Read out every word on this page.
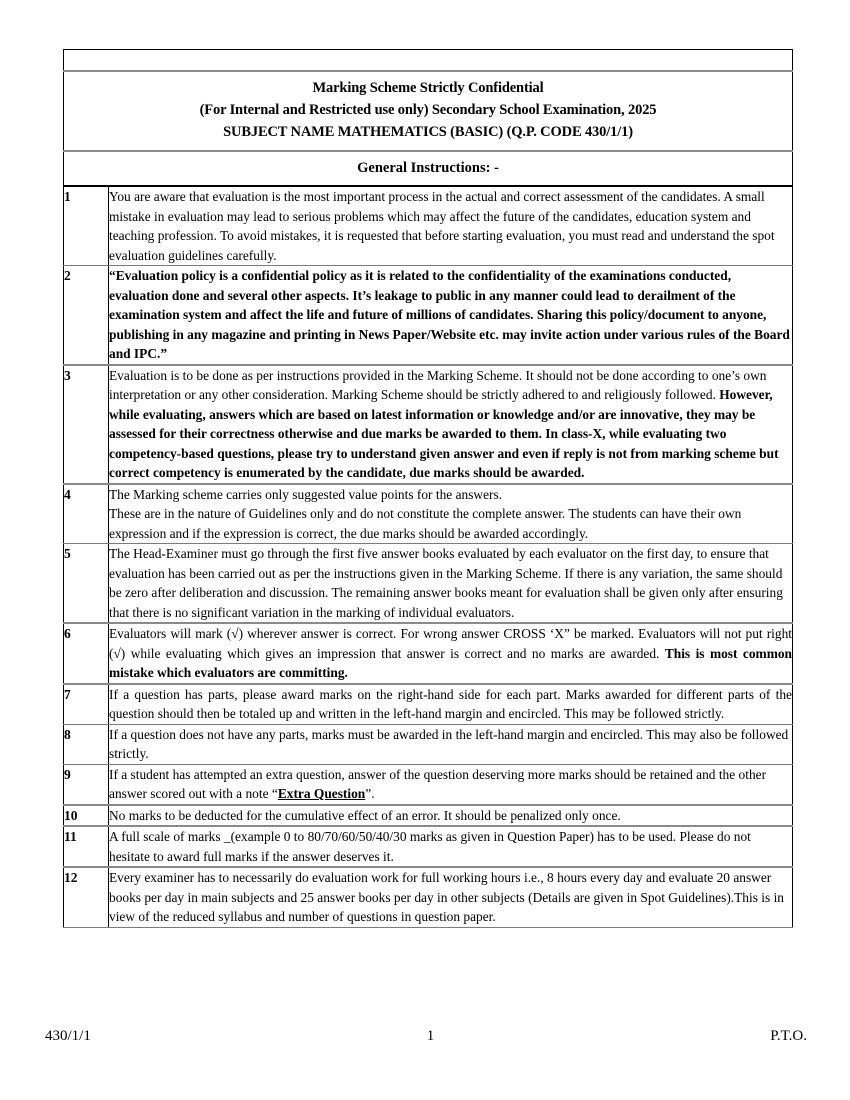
Marking Scheme Strictly Confidential
(For Internal and Restricted use only) Secondary School Examination, 2025
SUBJECT NAME MATHEMATICS (BASIC) (Q.P. CODE 430/1/1)	

General Instructions: -	
1	You are aware that evaluation is the most important process in the actual and correct assessment of the candidates. A small mistake in evaluation may lead to serious problems which may affect the future of the candidates, education system and teaching profession. To avoid mistakes, it is requested that before starting evaluation, you must read and understand the spot evaluation guidelines carefully.
2	“Evaluation policy is a confidential policy as it is related to the confidentiality of the examinations conducted, evaluation done and several other aspects. It’s leakage to public in any manner could lead to derailment of the examination system and affect the life and future of millions of candidates. Sharing this policy/document to anyone, publishing in any magazine and printing in News Paper/Website etc. may invite action under various rules of the Board and IPC.”
3	Evaluation is to be done as per instructions provided in the Marking Scheme. It should not be done according to one’s own interpretation or any other consideration. Marking Scheme should be strictly adhered to and religiously followed. However, while evaluating, answers which are based on latest information or knowledge and/or are innovative, they may be assessed for their correctness otherwise and due marks be awarded to them. In class-X, while evaluating two competency-based questions, please try to understand given answer and even if reply is not from marking scheme but correct competency is enumerated by the candidate, due marks should be awarded.
4	The Marking scheme carries only suggested value points for the answers.
These are in the nature of Guidelines only and do not constitute the complete answer. The students can have their own expression and if the expression is correct, the due marks should be awarded accordingly.
5	The Head-Examiner must go through the first five answer books evaluated by each evaluator on the first day, to ensure that evaluation has been carried out as per the instructions given in the Marking Scheme. If there is any variation, the same should be zero after deliberation and discussion. The remaining answer books meant for evaluation shall be given only after ensuring that there is no significant variation in the marking of individual evaluators.
6	Evaluators will mark (√) wherever answer is correct. For wrong answer CROSS ‘X” be marked. Evaluators will not put right (√) while evaluating which gives an impression that answer is correct and no marks are awarded. This is most common mistake which evaluators are committing.
7	If a question has parts, please award marks on the right-hand side for each part. Marks awarded for different parts of the question should then be totaled up and written in the left-hand margin and encircled. This may be followed strictly.
8	If a question does not have any parts, marks must be awarded in the left-hand margin and encircled. This may also be followed strictly.
9	If a student has attempted an extra question, answer of the question deserving more marks should be retained and the other answer scored out with a note “Extra Question”.
10	No marks to be deducted for the cumulative effect of an error. It should be penalized only once.
11	A full scale of marks _(example 0 to 80/70/60/50/40/30 marks as given in Question Paper) has to be used. Please do not hesitate to award full marks if the answer deserves it.
12	Every examiner has to necessarily do evaluation work for full working hours i.e., 8 hours every day and evaluate 20 answer books per day in main subjects and 25 answer books per day in other subjects (Details are given in Spot Guidelines).This is in view of the reduced syllabus and number of questions in question paper.
430/1/1	1	P.T.O.
